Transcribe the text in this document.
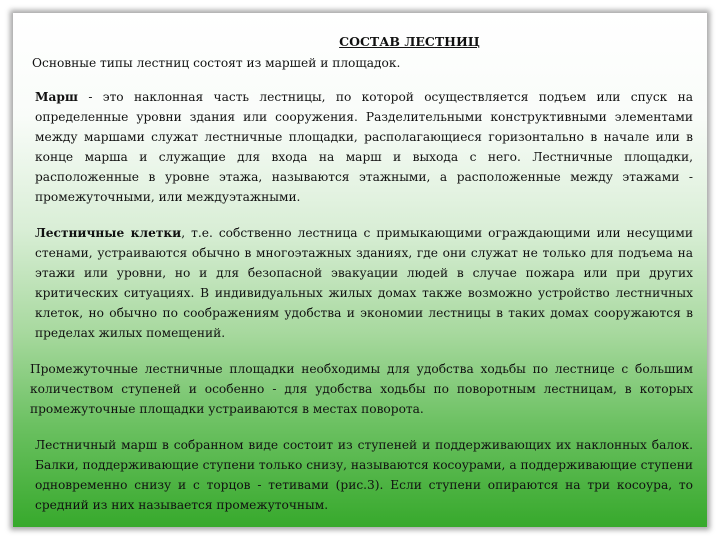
СОСТАВ ЛЕСТНИЦ

Основные типы лестниц состоят из маршей и площадок.

Марш - это наклонная часть лестницы, по которой осуществляется подъем или спуск на определенные уровни здания или сооружения. Разделительными конструктивными элементами между маршами служат лестничные площадки, располагающиеся горизонтально в начале или в конце марша и служащие для входа на марш и выхода с него. Лестничные площадки, расположенные в уровне этажа, называются этажными, а расположенные между этажами - промежуточными, или междуэтажными.

Лестничные клетки, т.е. собственно лестница с примыкающими ограждающими или несущими стенами, устраиваются обычно в многоэтажных зданиях, где они служат не только для подъема на этажи или уровни, но и для безопасной эвакуации людей в случае пожара или при других критических ситуациях. В индивидуальных жилых домах также возможно устройство лестничных клеток, но обычно по соображениям удобства и экономии лестницы в таких домах сооружаются в пределах жилых помещений.

Промежуточные лестничные площадки необходимы для удобства ходьбы по лестнице с большим количеством ступеней и особенно - для удобства ходьбы по поворотным лестницам, в которых промежуточные площадки устраиваются в местах поворота.

Лестничный марш в собранном виде состоит из ступеней и поддерживающих их наклонных балок. Балки, поддерживающие ступени только снизу, называются косоурами, а поддерживающие ступени одновременно снизу и с торцов - тетивами (рис.3). Если ступени опираются на три косоура, то средний из них называется промежуточным.
